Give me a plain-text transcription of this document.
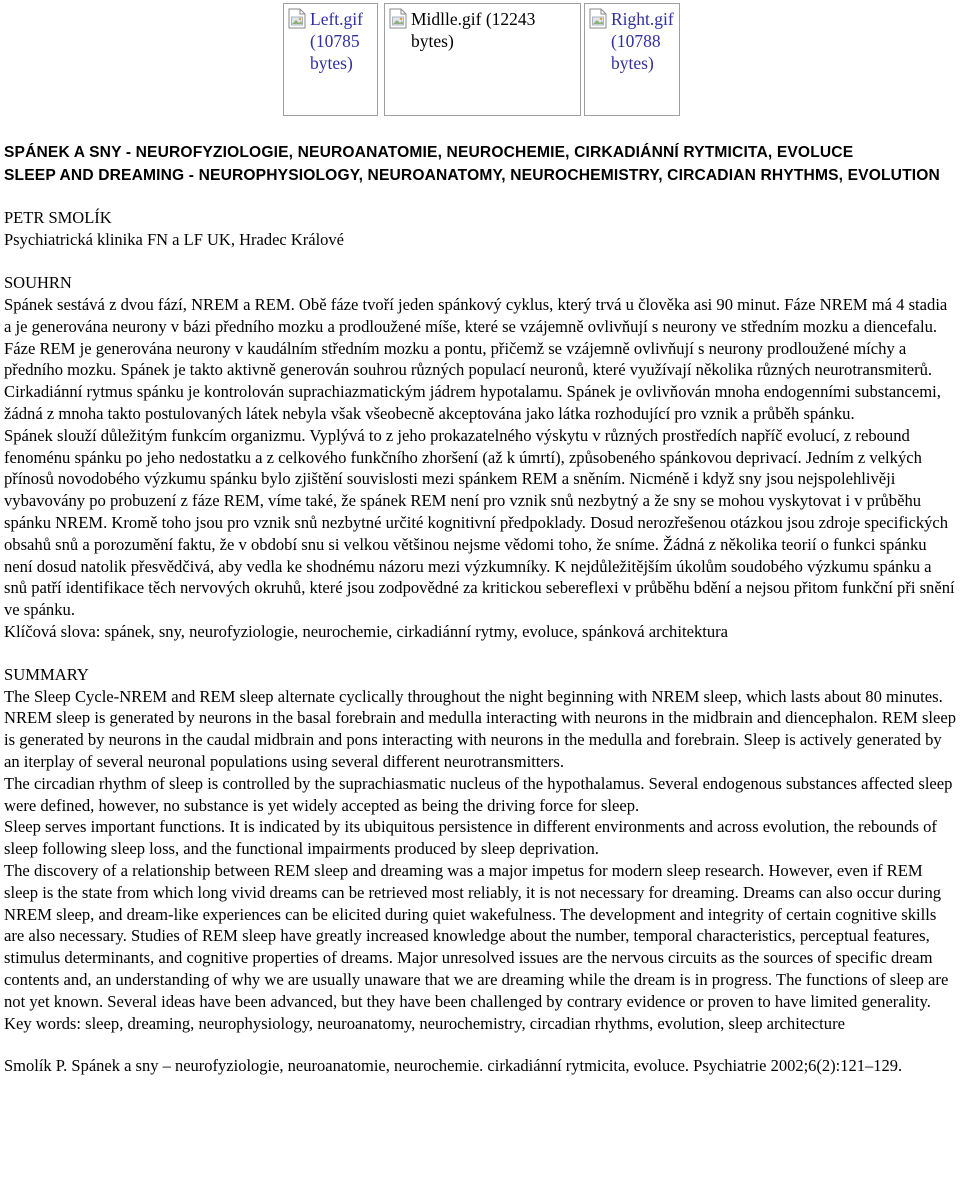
Left.gif
(10785
bytes)
Midlle.gif (12243
bytes)
Right.gif
(10788
bytes)

SPÁNEK A SNY - NEUROFYZIOLOGIE, NEUROANATOMIE, NEUROCHEMIE, CIRKADIÁNNÍ RYTMICITA, EVOLUCE

SLEEP AND DREAMING - NEUROPHYSIOLOGY, NEUROANATOMY, NEUROCHEMISTRY, CIRCADIAN RHYTHMS, EVOLUTION

PETR SMOLÍK

Psychiatrická klinika FN a LF UK, Hradec Králové

SOUHRN

Spánek sestává z dvou fází, NREM a REM. Obě fáze tvoří jeden spánkový cyklus, který trvá u člověka asi 90 minut. Fáze NREM má 4 stadia a je generována neurony v bázi předního mozku a prodloužené míše, které se vzájemně ovlivňují s neurony ve středním mozku a diencefalu. Fáze REM je generována neurony v kaudálním středním mozku a pontu, přičemž se vzájemně ovlivňují s neurony prodloužené míchy a předního mozku. Spánek je takto aktivně generován souhrou různých populací neuronů, které využívají několika různých neurotransmiterů.

Cirkadiánní rytmus spánku je kontrolován suprachiazmatickým jádrem hypotalamu. Spánek je ovlivňován mnoha endogenními substancemi, žádná z mnoha takto postulovaných látek nebyla však všeobecně akceptována jako látka rozhodující pro vznik a průběh spánku.

Spánek slouží důležitým funkcím organizmu. Vyplývá to z jeho prokazatelného výskytu v různých prostředích napříč evolucí, z rebound fenoménu spánku po jeho nedostatku a z celkového funkčního zhoršení (až k úmrtí), způsobeného spánkovou deprivací. Jedním z velkých přínosů novodobého výzkumu spánku bylo zjištění souvislosti mezi spánkem REM a sněním. Nicméně i když sny jsou nejspolehlivěji vybavovány po probuzení z fáze REM, víme také, že spánek REM není pro vznik snů nezbytný a že sny se mohou vyskytovat i v průběhu spánku NREM. Kromě toho jsou pro vznik snů nezbytné určité kognitivní předpoklady. Dosud nerozřešenou otázkou jsou zdroje specifických obsahů snů a porozumění faktu, že v období snu si velkou většinou nejsme vědomi toho, že sníme. Žádná z několika teorií o funkci spánku není dosud natolik přesvědčivá, aby vedla ke shodnému názoru mezi výzkumníky. K nejdůležitějším úkolům soudobého výzkumu spánku a snů patří identifikace těch nervových okruhů, které jsou zodpovědné za kritickou sebereflexi v průběhu bdění a nejsou přitom funkční při snění ve spánku.

Klíčová slova: spánek, sny, neurofyziologie, neurochemie, cirkadiánní rytmy, evoluce, spánková architektura

SUMMARY

The Sleep Cycle-NREM and REM sleep alternate cyclically throughout the night beginning with NREM sleep, which lasts about 80 minutes. NREM sleep is generated by neurons in the basal forebrain and medulla interacting with neurons in the midbrain and diencephalon. REM sleep is generated by neurons in the caudal midbrain and pons interacting with neurons in the medulla and forebrain. Sleep is actively generated by an iterplay of several neuronal populations using several different neurotransmitters.

The circadian rhythm of sleep is controlled by the suprachiasmatic nucleus of the hypothalamus. Several endogenous substances affected sleep were defined, however, no substance is yet widely accepted as being the driving force for sleep.

Sleep serves important functions. It is indicated by its ubiquitous persistence in different environments and across evolution, the rebounds of sleep following sleep loss, and the functional impairments produced by sleep deprivation.

The discovery of a relationship between REM sleep and dreaming was a major impetus for modern sleep research. However, even if REM sleep is the state from which long vivid dreams can be retrieved most reliably, it is not necessary for dreaming. Dreams can also occur during NREM sleep, and dream-like experiences can be elicited during quiet wakefulness. The development and integrity of certain cognitive skills are also necessary. Studies of REM sleep have greatly increased knowledge about the number, temporal characteristics, perceptual features, stimulus determinants, and cognitive properties of dreams. Major unresolved issues are the nervous circuits as the sources of specific dream contents and, an understanding of why we are usually unaware that we are dreaming while the dream is in progress. The functions of sleep are not yet known. Several ideas have been advanced, but they have been challenged by contrary evidence or proven to have limited generality.

Key words: sleep, dreaming, neurophysiology, neuroanatomy, neurochemistry, circadian rhythms, evolution, sleep architecture

Smolík P. Spánek a sny – neurofyziologie, neuroanatomie, neurochemie. cirkadiánní rytmicita, evoluce. Psychiatrie 2002;6(2):121–129.
